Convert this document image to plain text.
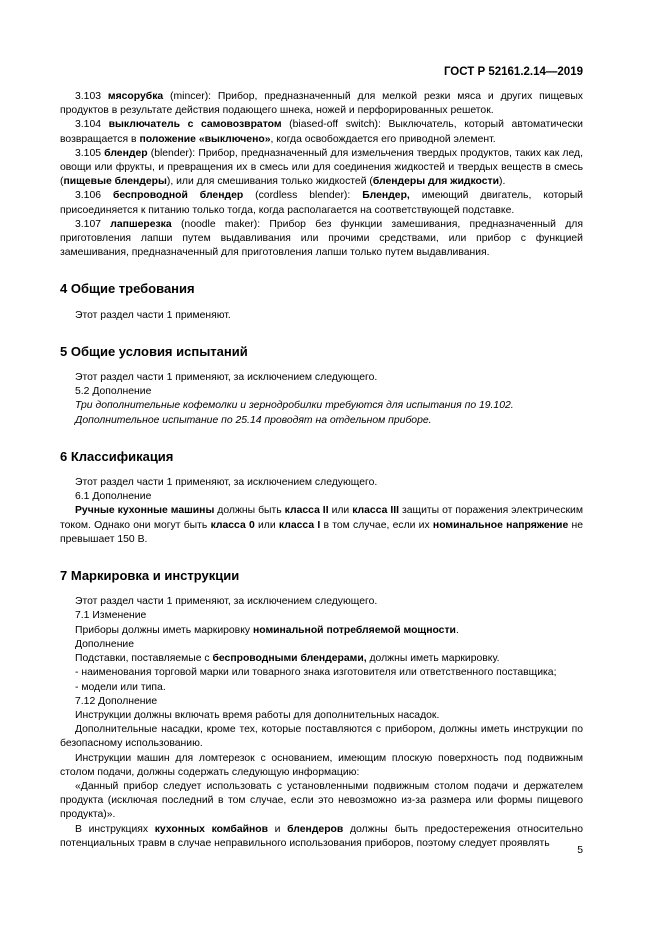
ГОСТ Р 52161.2.14—2019

3.103 мясорубка (mincer): Прибор, предназначенный для мелкой резки мяса и других пищевых продуктов в результате действия подающего шнека, ножей и перфорированных решеток.

3.104 выключатель с самовозвратом (biased-off switch): Выключатель, который автоматически возвращается в положение «выключено», когда освобождается его приводной элемент.

3.105 блендер (blender): Прибор, предназначенный для измельчения твердых продуктов, таких как лед, овощи или фрукты, и превращения их в смесь или для соединения жидкостей и твердых веществ в смесь (пищевые блендеры), или для смешивания только жидкостей (блендеры для жидкости).

3.106 беспроводной блендер (cordless blender): Блендер, имеющий двигатель, который присоединяется к питанию только тогда, когда располагается на соответствующей подставке.

3.107 лапшерезка (noodle maker): Прибор без функции замешивания, предназначенный для приготовления лапши путем выдавливания или прочими средствами, или прибор с функцией замешивания, предназначенный для приготовления лапши только путем выдавливания.

4 Общие требования

Этот раздел части 1 применяют.

5 Общие условия испытаний

Этот раздел части 1 применяют, за исключением следующего.

5.2 Дополнение

Три дополнительные кофемолки и зернодробилки требуются для испытания по 19.102.

Дополнительное испытание по 25.14 проводят на отдельном приборе.

6 Классификация

Этот раздел части 1 применяют, за исключением следующего.

6.1 Дополнение

Ручные кухонные машины должны быть класса II или класса III защиты от поражения электрическим током. Однако они могут быть класса 0 или класса I в том случае, если их номинальное напряжение не превышает 150 В.

7 Маркировка и инструкции

Этот раздел части 1 применяют, за исключением следующего.

7.1 Изменение

Приборы должны иметь маркировку номинальной потребляемой мощности.

Дополнение

Подставки, поставляемые с беспроводными блендерами, должны иметь маркировку.

- наименования торговой марки или товарного знака изготовителя или ответственного поставщика;

- модели или типа.

7.12 Дополнение

Инструкции должны включать время работы для дополнительных насадок.

Дополнительные насадки, кроме тех, которые поставляются с прибором, должны иметь инструкции по безопасному использованию.

Инструкции машин для ломтерезок с основанием, имеющим плоскую поверхность под подвижным столом подачи, должны содержать следующую информацию:

«Данный прибор следует использовать с установленными подвижным столом подачи и держателем продукта (исключая последний в том случае, если это невозможно из-за размера или формы пищевого продукта)».

В инструкциях кухонных комбайнов и блендеров должны быть предостережения относительно потенциальных травм в случае неправильного использования приборов, поэтому следует проявлять

5
